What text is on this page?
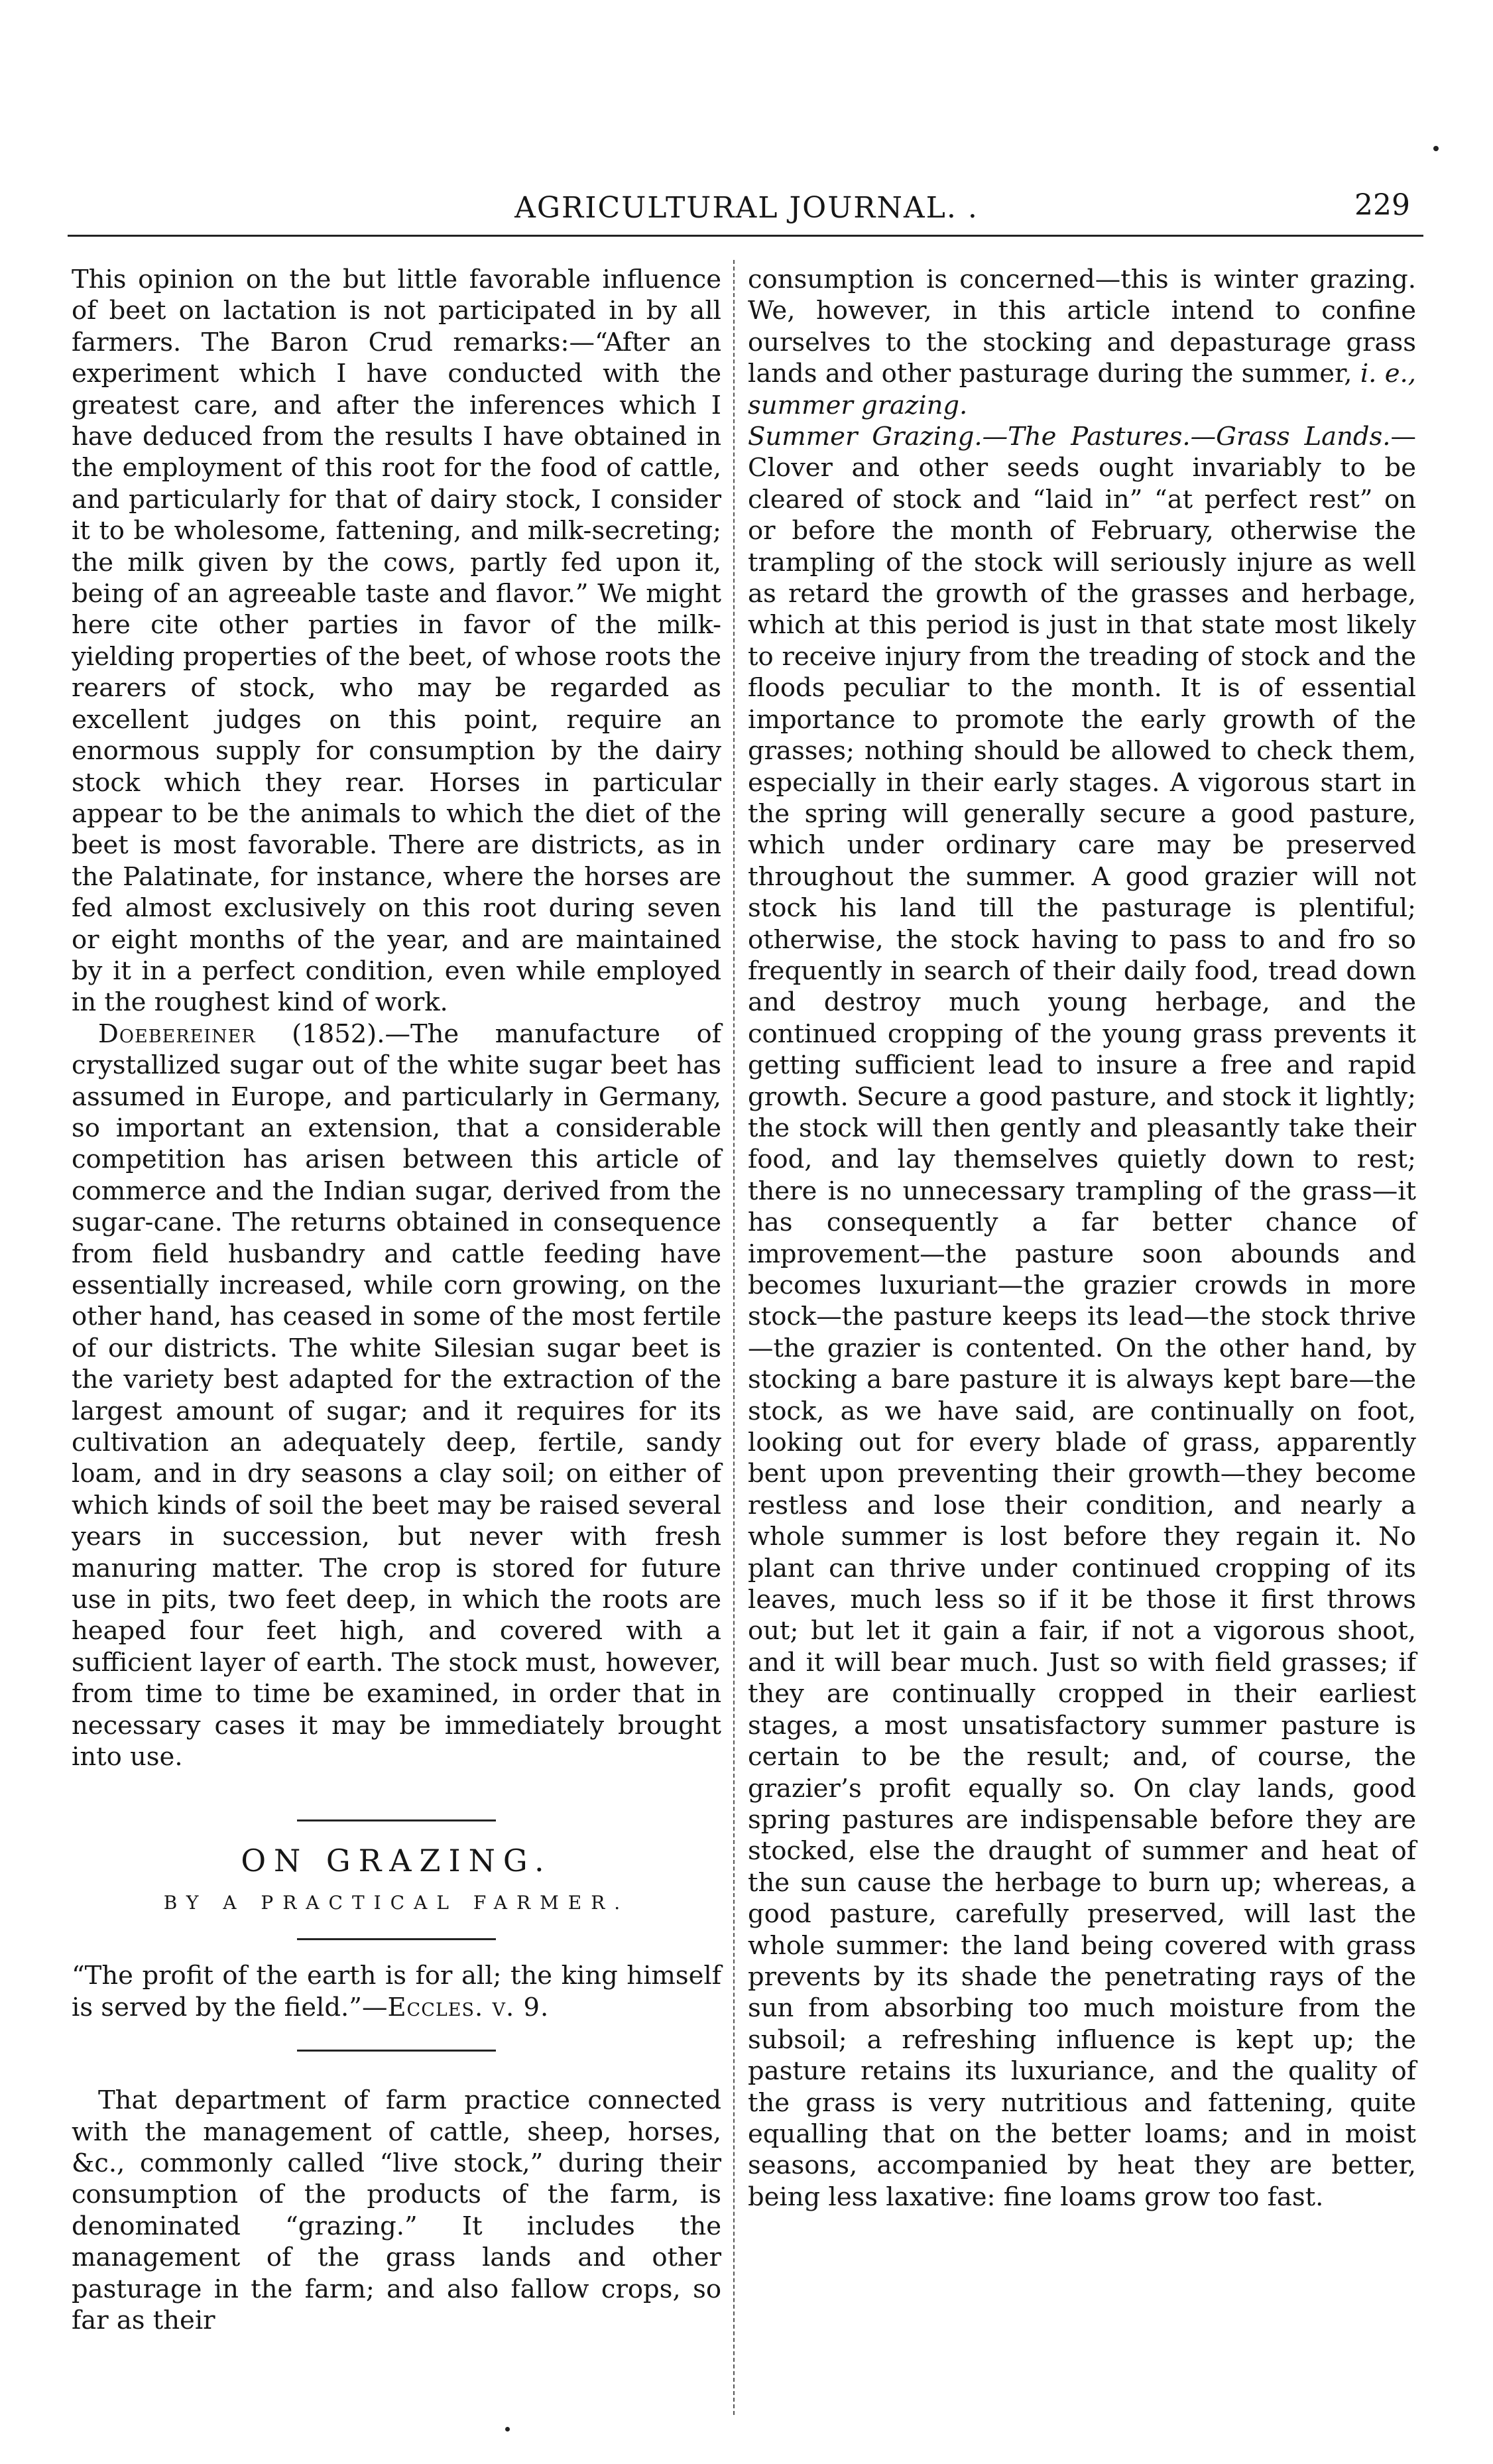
AGRICULTURAL JOURNAL. .	229

This opinion on the but little favorable influence of beet on lactation is not participated in by all farmers. The Baron Crud remarks:—“After an experiment which I have conducted with the greatest care, and after the inferences which I have deduced from the results I have obtained in the employment of this root for the food of cattle, and particularly for that of dairy stock, I consider it to be wholesome, fattening, and milk-secreting; the milk given by the cows, partly fed upon it, being of an agreeable taste and flavor.” We might here cite other parties in favor of the milk-yielding properties of the beet, of whose roots the rearers of stock, who may be regarded as excellent judges on this point, require an enormous supply for consumption by the dairy stock which they rear. Horses in particular appear to be the animals to which the diet of the beet is most favorable. There are districts, as in the Palatinate, for instance, where the horses are fed almost exclusively on this root during seven or eight months of the year, and are maintained by it in a perfect condition, even while employed in the roughest kind of work.

Doebereiner (1852).—The manufacture of crystallized sugar out of the white sugar beet has assumed in Europe, and particularly in Germany, so important an extension, that a considerable competition has arisen between this article of commerce and the Indian sugar, derived from the sugar-cane. The returns obtained in consequence from field husbandry and cattle feeding have essentially increased, while corn growing, on the other hand, has ceased in some of the most fertile of our districts. The white Silesian sugar beet is the variety best adapted for the extraction of the largest amount of sugar; and it requires for its cultivation an adequately deep, fertile, sandy loam, and in dry seasons a clay soil; on either of which kinds of soil the beet may be raised several years in succession, but never with fresh manuring matter. The crop is stored for future use in pits, two feet deep, in which the roots are heaped four feet high, and covered with a sufficient layer of earth. The stock must, however, from time to time be examined, in order that in necessary cases it may be immediately brought into use.

ON GRAZING.
BY A PRACTICAL FARMER.

“The profit of the earth is for all; the king himself is served by the field.”—Eccles. v. 9.

That department of farm practice connected with the management of cattle, sheep, horses, &c., commonly called “live stock,” during their consumption of the products of the farm, is denominated “grazing.” It includes the management of the grass lands and other pasturage in the farm; and also fallow crops, so far as their

consumption is concerned—this is winter grazing. We, however, in this article intend to confine ourselves to the stocking and depasturage grass lands and other pasturage during the summer, i. e., summer grazing.

Summer Grazing.—The Pastures.—Grass Lands.—Clover and other seeds ought invariably to be cleared of stock and “laid in” “at perfect rest” on or before the month of February, otherwise the trampling of the stock will seriously injure as well as retard the growth of the grasses and herbage, which at this period is just in that state most likely to receive injury from the treading of stock and the floods peculiar to the month. It is of essential importance to promote the early growth of the grasses; nothing should be allowed to check them, especially in their early stages. A vigorous start in the spring will generally secure a good pasture, which under ordinary care may be preserved throughout the summer. A good grazier will not stock his land till the pasturage is plentiful; otherwise, the stock having to pass to and fro so frequently in search of their daily food, tread down and destroy much young herbage, and the continued cropping of the young grass prevents it getting sufficient lead to insure a free and rapid growth. Secure a good pasture, and stock it lightly; the stock will then gently and pleasantly take their food, and lay themselves quietly down to rest; there is no unnecessary trampling of the grass—it has consequently a far better chance of improvement—the pasture soon abounds and becomes luxuriant—the grazier crowds in more stock—the pasture keeps its lead—the stock thrive—the grazier is contented. On the other hand, by stocking a bare pasture it is always kept bare—the stock, as we have said, are continually on foot, looking out for every blade of grass, apparently bent upon preventing their growth—they become restless and lose their condition, and nearly a whole summer is lost before they regain it. No plant can thrive under continued cropping of its leaves, much less so if it be those it first throws out; but let it gain a fair, if not a vigorous shoot, and it will bear much. Just so with field grasses; if they are continually cropped in their earliest stages, a most unsatisfactory summer pasture is certain to be the result; and, of course, the grazier’s profit equally so. On clay lands, good spring pastures are indispensable before they are stocked, else the draught of summer and heat of the sun cause the herbage to burn up; whereas, a good pasture, carefully preserved, will last the whole summer: the land being covered with grass prevents by its shade the penetrating rays of the sun from absorbing too much moisture from the subsoil; a refreshing influence is kept up; the pasture retains its luxuriance, and the quality of the grass is very nutritious and fattening, quite equalling that on the better loams; and in moist seasons, accompanied by heat they are better, being less laxative: fine loams grow too fast.
